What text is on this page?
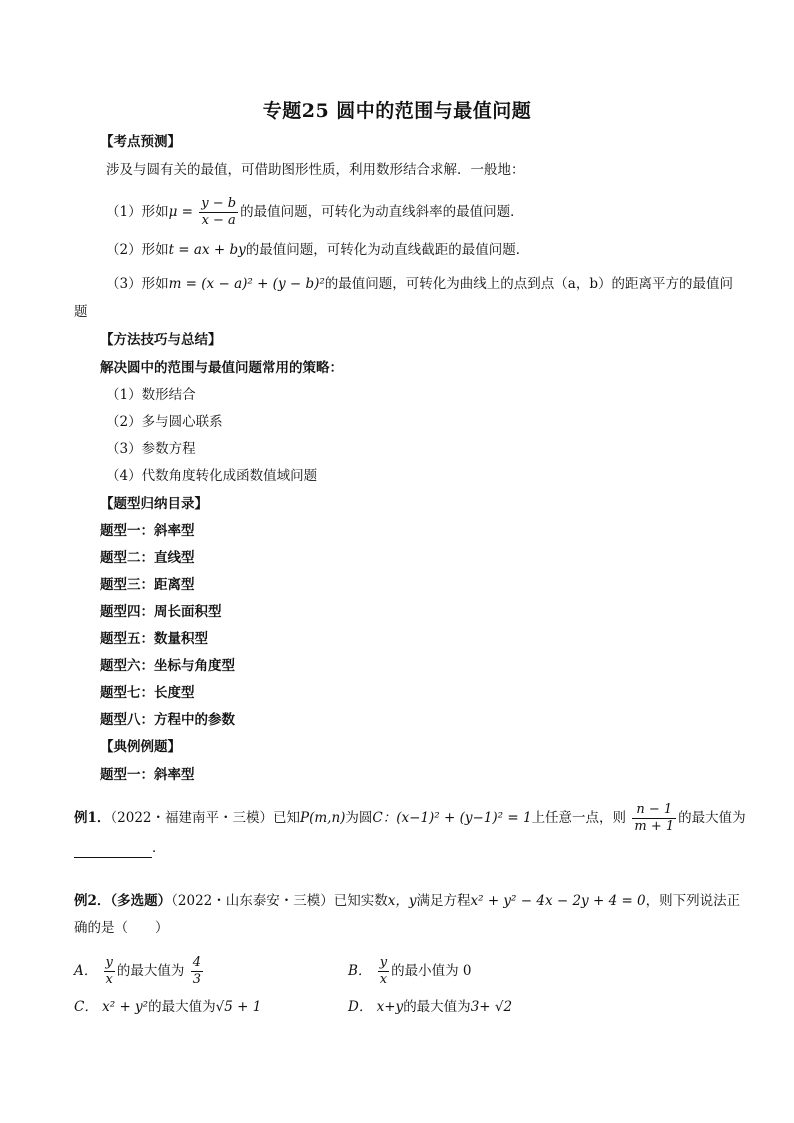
专题25 圆中的范围与最值问题
【考点预测】
涉及与圆有关的最值，可借助图形性质，利用数形结合求解．一般地：
（1）形如$\mu = \frac{y - b}{x - a}$ 的最值问题，可转化为动直线斜率的最值问题．
（2）形如t = ax + by的最值问题，可转化为动直线截距的最值问题．
（3）形如m = (x − a)² + (y − b)²的最值问题，可转化为曲线上的点到点（a，b）的距离平方的最值问
题
【方法技巧与总结】
解决圆中的范围与最值问题常用的策略：
（1）数形结合
（2）多与圆心联系
（3）参数方程
（4）代数角度转化成函数值域问题
【题型归纳目录】
题型一：斜率型
题型二：直线型
题型三：距离型
题型四：周长面积型
题型五：数量积型
题型六：坐标与角度型
题型七：长度型
题型八：方程中的参数
【典例例题】
题型一：斜率型
例1．（2022・福建南平・三模）已知P(m,n)为圆C：(x−1)² + (y−1)² = 1上任意一点，则 $\frac{n - 1}{m + 1}$ 的最大值为
．
例2．（多选题）（2022・山东泰安・三模）已知实数x，y满足方程x² + y² − 4x − 2y + 4 = 0，则下列说法正
确的是（　　）
A． $\frac{y}{x}$ 的最大值为 $\frac{4}{3}$	B． $\frac{y}{x}$ 的最小值为 0
C． x² + y²的最大值为√5 + 1	D． x+y的最大值为3+ √2
